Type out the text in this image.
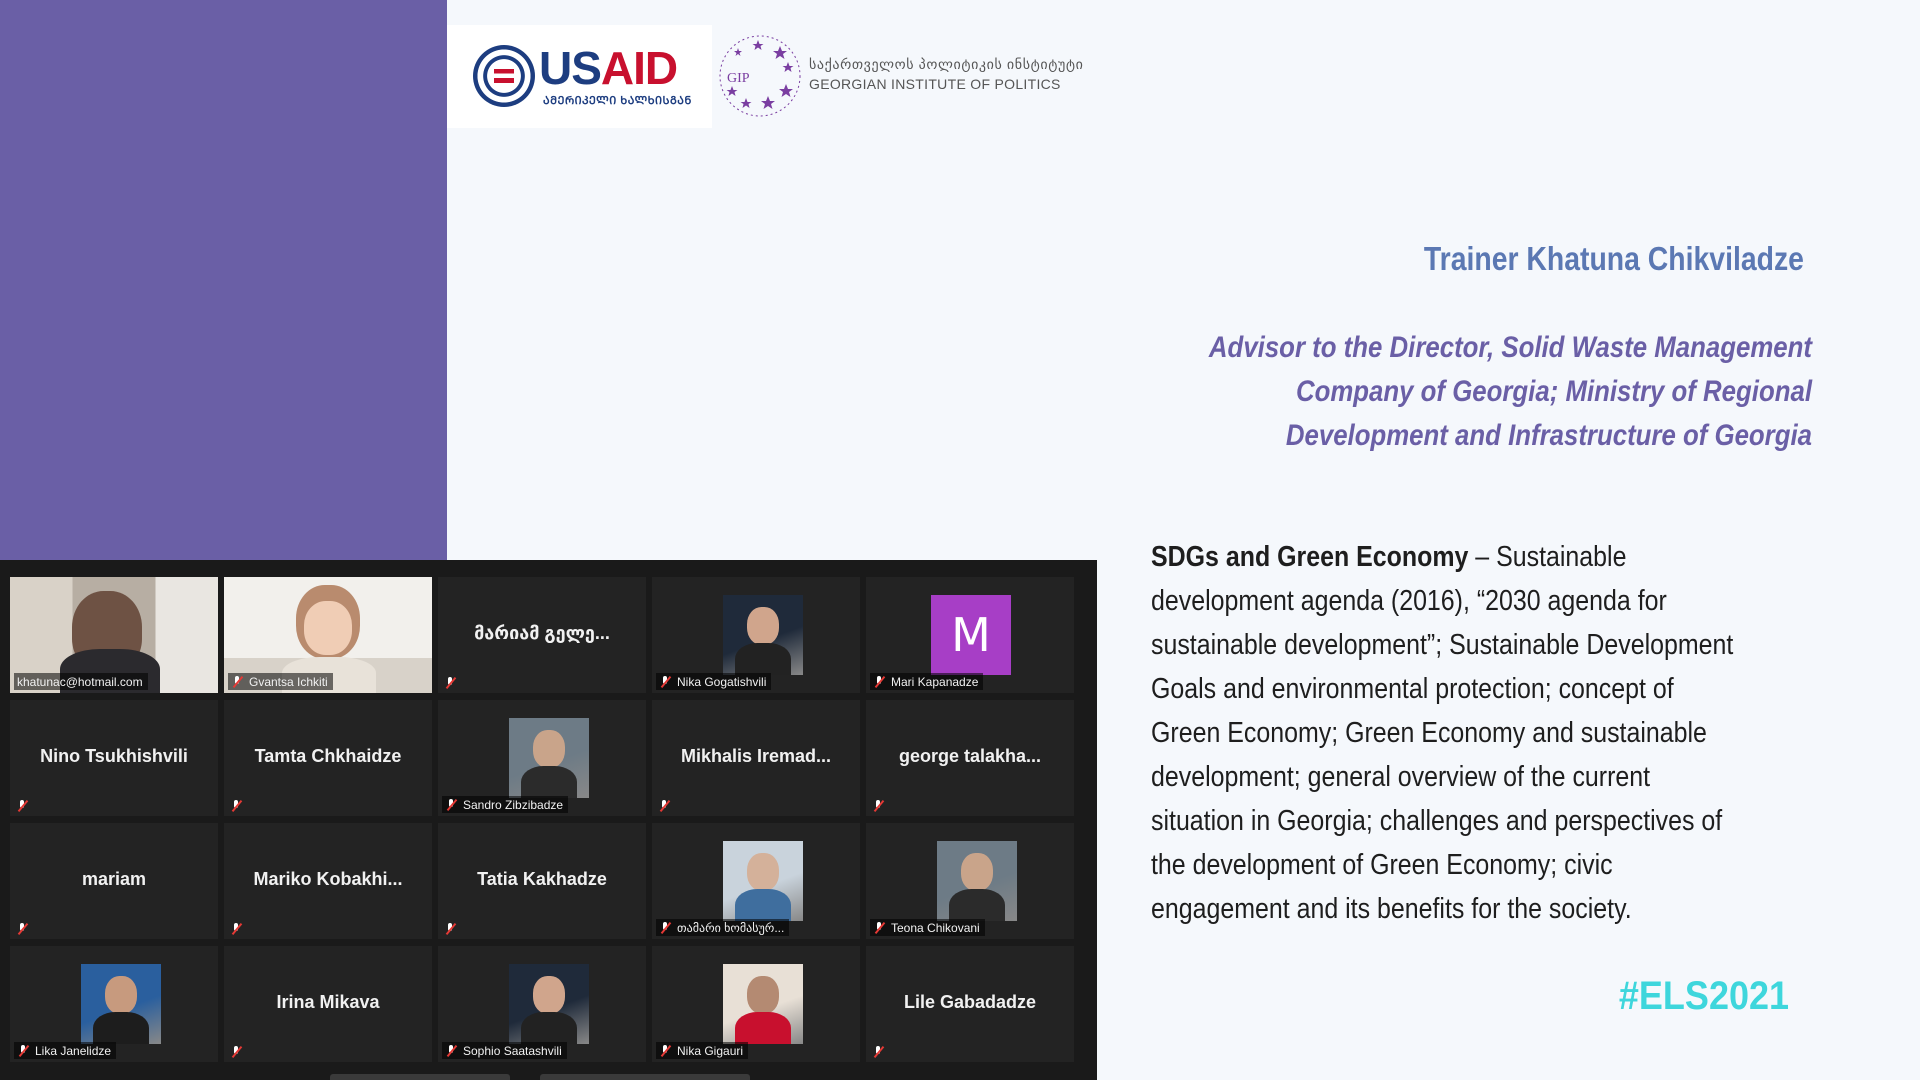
USAID
ᲐᲛᲔᲠᲘᲙᲔᲚᲘ ᲮᲐᲚᲮᲘᲡᲒᲐᲜ
GIP
საქართველოს პოლიტიკის ინსტიტუტი
GEORGIAN INSTITUTE OF POLITICS
Trainer Khatuna Chikviladze
Advisor to the Director, Solid Waste Management
Company of Georgia; Ministry of Regional
Development and Infrastructure of Georgia
SDGs and Green Economy – Sustainable
development agenda (2016), “2030 agenda for
sustainable development”; Sustainable Development
Goals and environmental protection; concept of
Green Economy; Green Economy and sustainable
development; general overview of the current
situation in Georgia; challenges and perspectives of
the development of Green Economy; civic
engagement and its benefits for the society.
#ELS2021
khatunac@hotmail.com	Gvantsa Ichkiti
მარიამ გელე...
Nika Gogatishvili
M
Mari Kapanadze
Nino Tsukhishvili	Tamta Chkhaidze
Sandro Zibzibadze
Mikhalis Iremad...	george talakha...
mariam	Mariko Kobakhi...	Tatia Kakhadze
თამარი ხომასურ...	Teona Chikovani
Lika Janelidze
Irina Mikava
Sophio Saatashvili	Nika Gigauri
Lile Gabadadze
